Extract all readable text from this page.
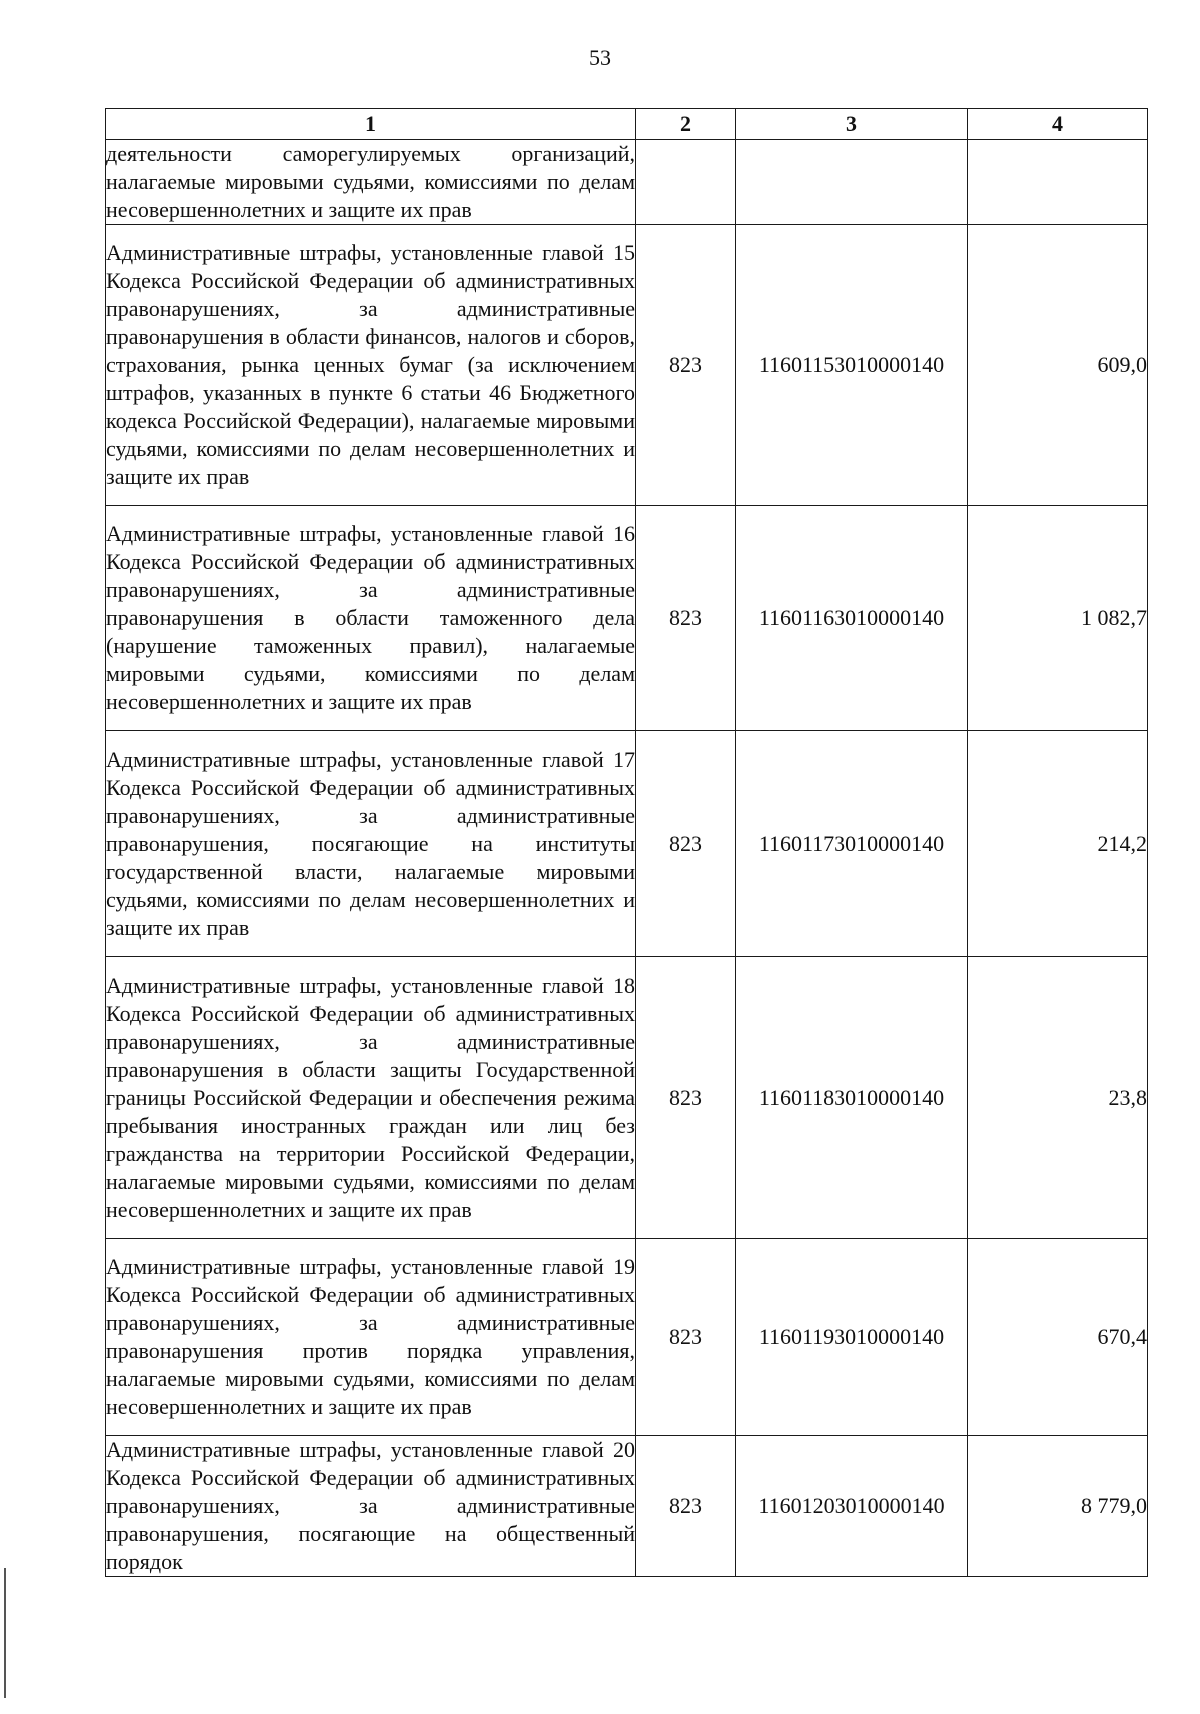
53
1	2	3	4
деятельности саморегулируемых организаций, налагаемые мировыми судьями, комиссиями по делам несовершеннолетних и защите их прав			
Административные штрафы, установленные главой 15 Кодекса Российской Федерации об административных правонарушениях, за административные правонарушения в области финансов, налогов и сборов, страхования, рынка ценных бумаг (за исключением штрафов, указанных в пункте 6 статьи 46 Бюджетного кодекса Российской Федерации), налагаемые мировыми судьями, комиссиями по делам несовершеннолетних и защите их прав	823	11601153010000140	609,0
Административные штрафы, установленные главой 16 Кодекса Российской Федерации об административных правонарушениях, за административные правонарушения в области таможенного дела (нарушение таможенных правил), налагаемые мировыми судьями, комиссиями по делам несовершеннолетних и защите их прав	823	11601163010000140	1 082,7
Административные штрафы, установленные главой 17 Кодекса Российской Федерации об административных правонарушениях, за административные правонарушения, посягающие на институты государственной власти, налагаемые мировыми судьями, комиссиями по делам несовершеннолетних и защите их прав	823	11601173010000140	214,2
Административные штрафы, установленные главой 18 Кодекса Российской Федерации об административных правонарушениях, за административные правонарушения в области защиты Государственной границы Российской Федерации и обеспечения режима пребывания иностранных граждан или лиц без гражданства на территории Российской Федерации, налагаемые мировыми судьями, комиссиями по делам несовершеннолетних и защите их прав	823	11601183010000140	23,8
Административные штрафы, установленные главой 19 Кодекса Российской Федерации об административных правонарушениях, за административные правонарушения против порядка управления, налагаемые мировыми судьями, комиссиями по делам несовершеннолетних и защите их прав	823	11601193010000140	670,4
Административные штрафы, установленные главой 20 Кодекса Российской Федерации об административных правонарушениях, за административные правонарушения, посягающие на общественный порядок	823	11601203010000140	8 779,0
